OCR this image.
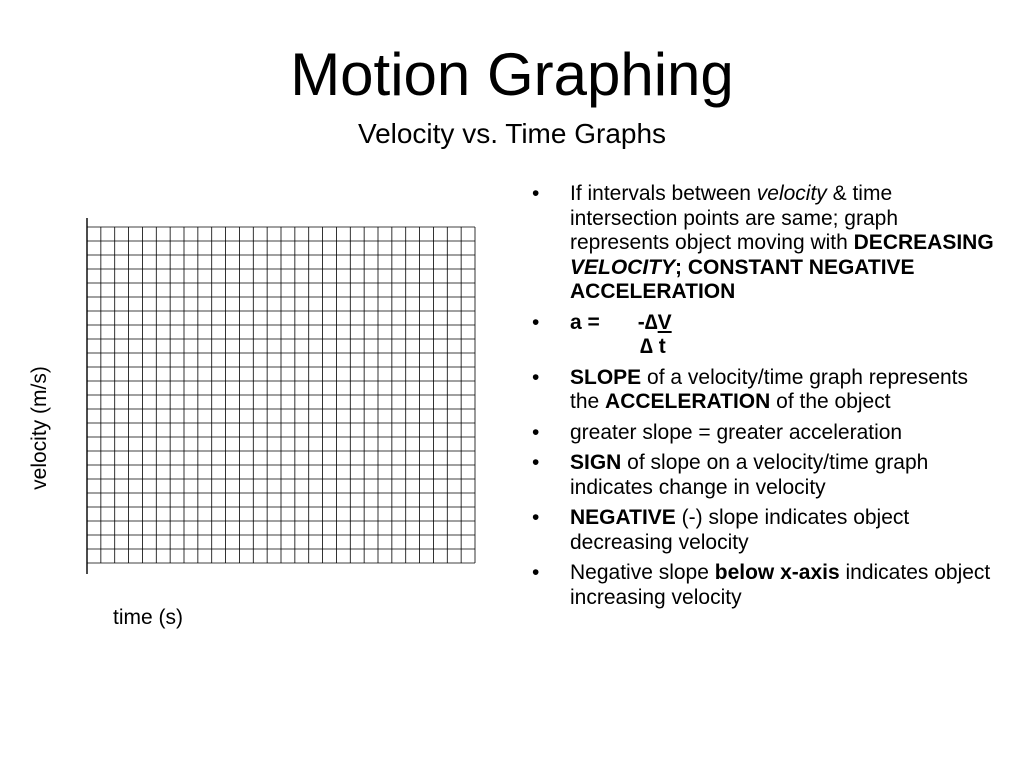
Motion Graphing
Velocity vs. Time Graphs
velocity (m/s)
time (s)
• If intervals between velocity & time intersection points are same; graph represents object moving with DECREASING VELOCITY; CONSTANT NEGATIVE ACCELERATION
• a = -∆V
∆ t
• SLOPE of a velocity/time graph represents the ACCELERATION of the object
• greater slope = greater acceleration
• SIGN of slope on a velocity/time graph indicates change in velocity
• NEGATIVE (-) slope indicates object decreasing velocity
• Negative slope below x-axis indicates object increasing velocity
